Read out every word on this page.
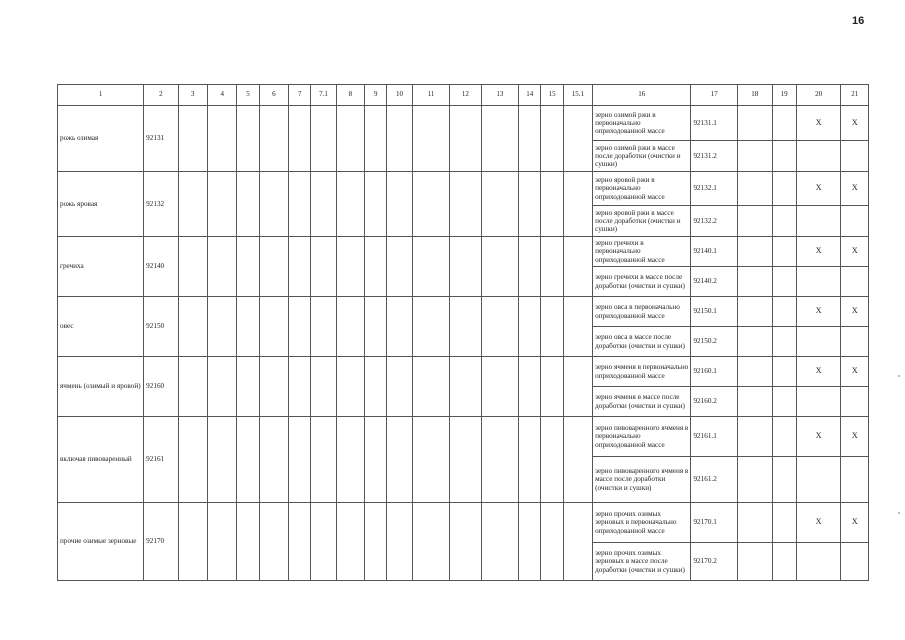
16
1	2	3	4	5	6	7	7.1	8	9	10	11	12	13	14	15	15.1	16	17	18	19	20	21
рожь озимая	92131																зерно озимой ржи в первоначально оприходованной массе	92131.1			X	X
																	зерно озимой ржи в массе после доработки (очистки и сушки)	92131.2				
рожь яровая	92132																зерно яровой ржи в первоначально оприходованной массе	92132.1			X	X
																	зерно яровой ржи в массе после доработки (очистки и сушки)	92132.2				
гречиха	92140																зерно гречихи в первоначально оприходованной массе	92140.1			X	X
																	зерно гречихи в массе после доработки (очистки и сушки)	92140.2				
овес	92150																зерно овса в первоначально оприходованной массе	92150.1			X	X
																	зерно овса в массе после доработки (очистки и сушки)	92150.2				
ячмень (озимый и яровой)	92160																зерно ячменя в первоначально оприходованной массе	92160.1			X	X
																	зерно ячменя в массе после доработки (очистки и сушки)	92160.2				
включая пивоваренный	92161																зерно пивоваренного ячменя в первоначально оприходованной массе	92161.1			X	X
																	зерно пивоваренного ячменя в массе после доработки (очистки и сушки)	92161.2				
прочие озимые зерновые	92170																зерно прочих озимых зерновых в первоначально оприходованной массе	92170.1			X	X
																	зерно прочих озимых зерновых в массе после доработки (очистки и сушки)	92170.2				
